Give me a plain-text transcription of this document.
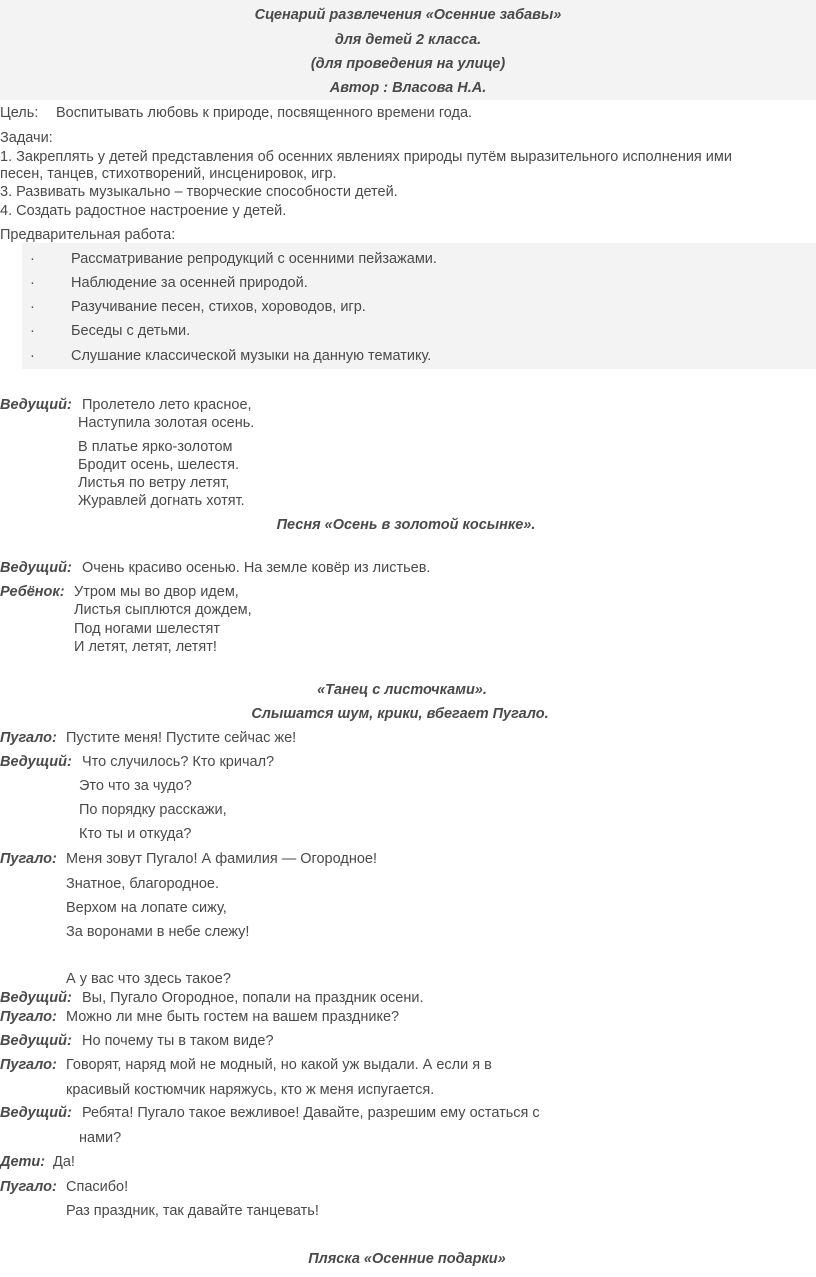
Сценарий развлечения «Осенние забавы»
для детей 2 класса.
(для проведения на улице)
Автор : Власова Н.А.
Цель: Воспитывать любовь к природе, посвященного времени года.
Задачи:
1. Закреплять у детей представления об осенних явлениях природы путём выразительного исполнения ими
песен, танцев, стихотворений, инсценировок, игр.
3. Развивать музыкально – творческие способности детей.
4. Создать радостное настроение у детей.
Предварительная работа:
· Рассматривание репродукций с осенними пейзажами.
· Наблюдение за осенней природой.
· Разучивание песен, стихов, хороводов, игр.
· Беседы с детьми.
· Слушание классической музыки на данную тематику.
Ведущий: Пролетело лето красное,
Наступила золотая осень.
В платье ярко-золотом
Бродит осень, шелестя.
Листья по ветру летят,
Журавлей догнать хотят.
Песня «Осень в золотой косынке».
Ведущий: Очень красиво осенью. На земле ковёр из листьев.
Ребёнок: Утром мы во двор идем,
Листья сыплются дождем,
Под ногами шелестят
И летят, летят, летят!
«Танец с листочками».
Слышатся шум, крики, вбегает Пугало.
Пугало: Пустите меня! Пустите сейчас же!
Ведущий: Что случилось? Кто кричал?
Это что за чудо?
По порядку расскажи,
Кто ты и откуда?
Пугало: Меня зовут Пугало! А фамилия — Огородное!
Знатное, благородное.
Верхом на лопате сижу,
За воронами в небе слежу!
А у вас что здесь такое?
Ведущий: Вы, Пугало Огородное, попали на праздник осени.
Пугало: Можно ли мне быть гостем на вашем празднике?
Ведущий: Но почему ты в таком виде?
Пугало: Говорят, наряд мой не модный, но какой уж выдали. А если я в
красивый костюмчик наряжусь, кто ж меня испугается.
Ведущий: Ребята! Пугало такое вежливое! Давайте, разрешим ему остаться с
нами?
Дети: Да!
Пугало: Спасибо!
Раз праздник, так давайте танцевать!
Пляска «Осенние подарки»
